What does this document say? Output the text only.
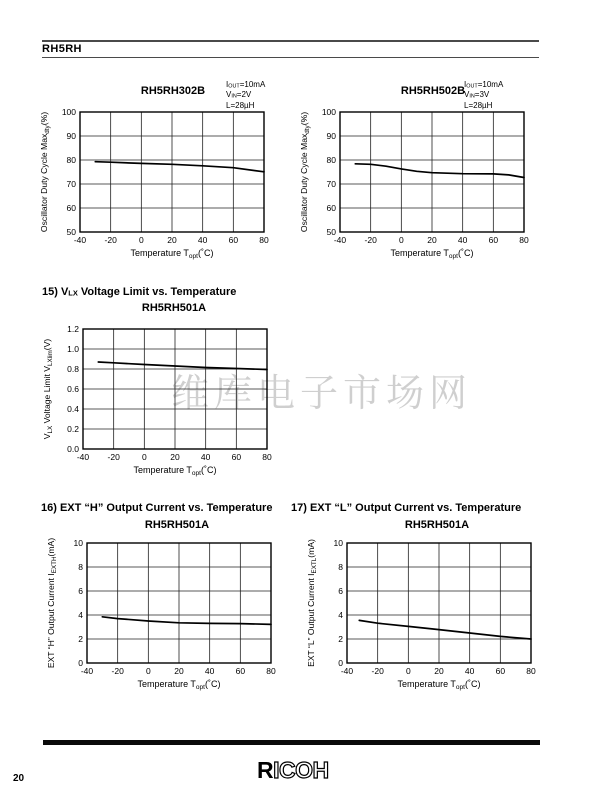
RH5RH
RH5RH302B
IOUT=10mA
VIN=2V
L=28µH
-40 -20	0	20 40 60 80
50
60
70
80
90
100
Temperature $T_{opt}(˚C)$
Oscillator Duty Cycle Max$_{dty}$(%)
RH5RH502B
IOUT=10mA
VIN=3V
L=28µH
-40 -20	0	20 40 60 80
50
60
70
80
90
100
Temperature $T_{opt}(˚C)$
Oscillator Duty Cycle Max$_{dty}$(%)
15) VLX Voltage Limit vs. Temperature
RH5RH501A
-40 -20	0	20 40 60 80
0.0
0.2
0.4
0.6
0.8
1.0
1.2
Temperature $T_{opt}(˚C)$
$V_{LX}$ Voltage Limit $V_{LXlim}(V)$
维库电子市场网
16) EXT “H” Output Current vs. Temperature
RH5RH501A
-40 -20	0	20 40 60 80
0
2
4
6
8
10
Temperature $T_{opt}(˚C)$
EXT “H” Output Current $I_{EXTH}(mA)$
17) EXT “L” Output Current vs. Temperature
RH5RH501A
-40 -20	0	20 40 60 80
0
2
4
6
8
10
Temperature $T_{opt}(˚C)$
EXT “L” Output Current $I_{EXTL}(mA)$
RICOH
20
